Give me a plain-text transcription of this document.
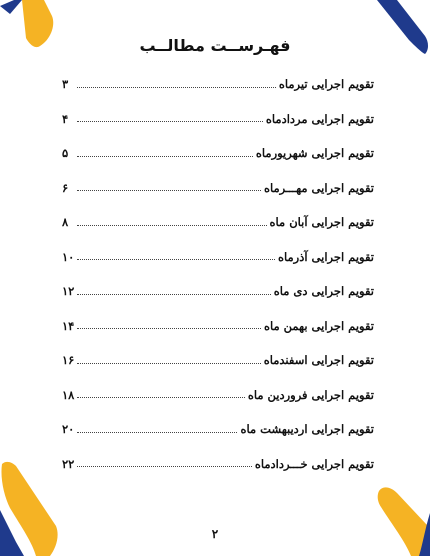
فهـرســت مطالــب
تقویم اجرایی تیرماه
۳
تقویم اجرایی مردادماه
۴
تقویم اجرایی شهریورماه
۵
تقویم اجرایی مهـــرماه
۶
تقویم اجرایی آبان ماه
۸
تقویم اجرایی آذرماه
۱۰
تقویم اجرایی دی ماه
۱۲
تقویم اجرایی بهمن ماه
۱۴
تقویم اجرایی اسفندماه
۱۶
تقویم اجرایی فروردین ماه
۱۸
تقویم اجرایی اردیبهشت ماه
۲۰
تقویم اجرایی خـــردادماه
۲۲
۲
